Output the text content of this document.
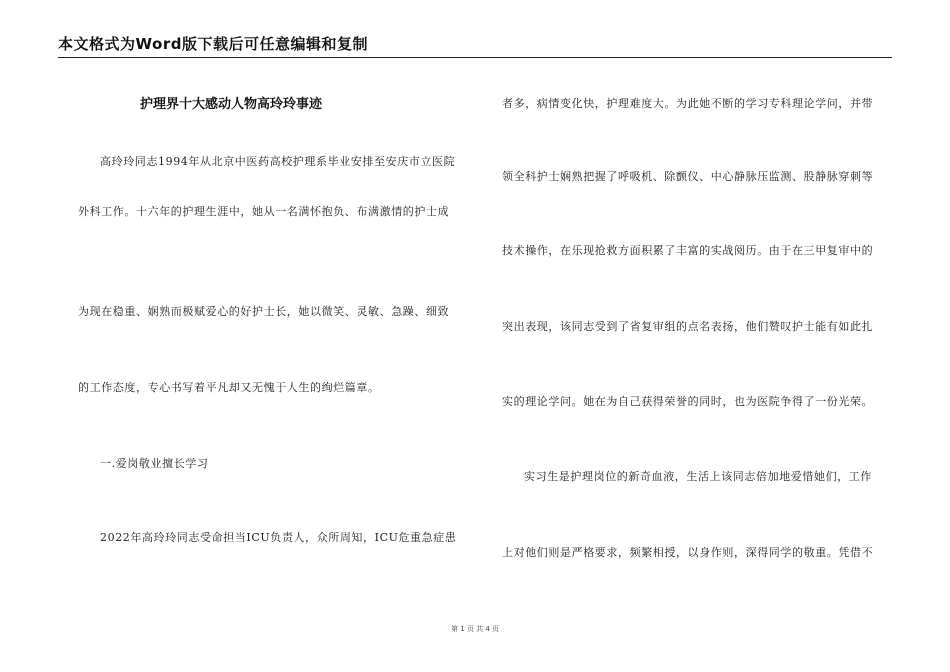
本文格式为Word版下载后可任意编辑和复制
护理界十大感动人物高玲玲事迹
高玲玲同志1994年从北京中医药高校护理系毕业安排至安庆市立医院
外科工作。十六年的护理生涯中，她从一名满怀抱负、布满激情的护士成
为现在稳重、娴熟而极赋爱心的好护士长，她以微笑、灵敏、急躁、细致
的工作态度，专心书写着平凡却又无愧于人生的绚烂篇章。
一.爱岗敬业擅长学习
2022年高玲玲同志受命担当ICU负责人，众所周知，ICU危重急症患
者多，病情变化快，护理难度大。为此她不断的学习专科理论学问，并带
领全科护士娴熟把握了呼吸机、除颤仪、中心静脉压监测、股静脉穿刺等
技术操作，在乐现抢救方面积累了丰富的实战阅历。由于在三甲复审中的
突出表现，该同志受到了省复审组的点名表扬，他们赞叹护士能有如此扎
实的理论学问。她在为自己获得荣誉的同时，也为医院争得了一份光荣。
实习生是护理岗位的新奇血液，生活上该同志倍加地爱惜她们，工作
上对他们则是严格要求，频繁相授，以身作则，深得同学的敬重。凭借不
第 1 页 共 4 页
